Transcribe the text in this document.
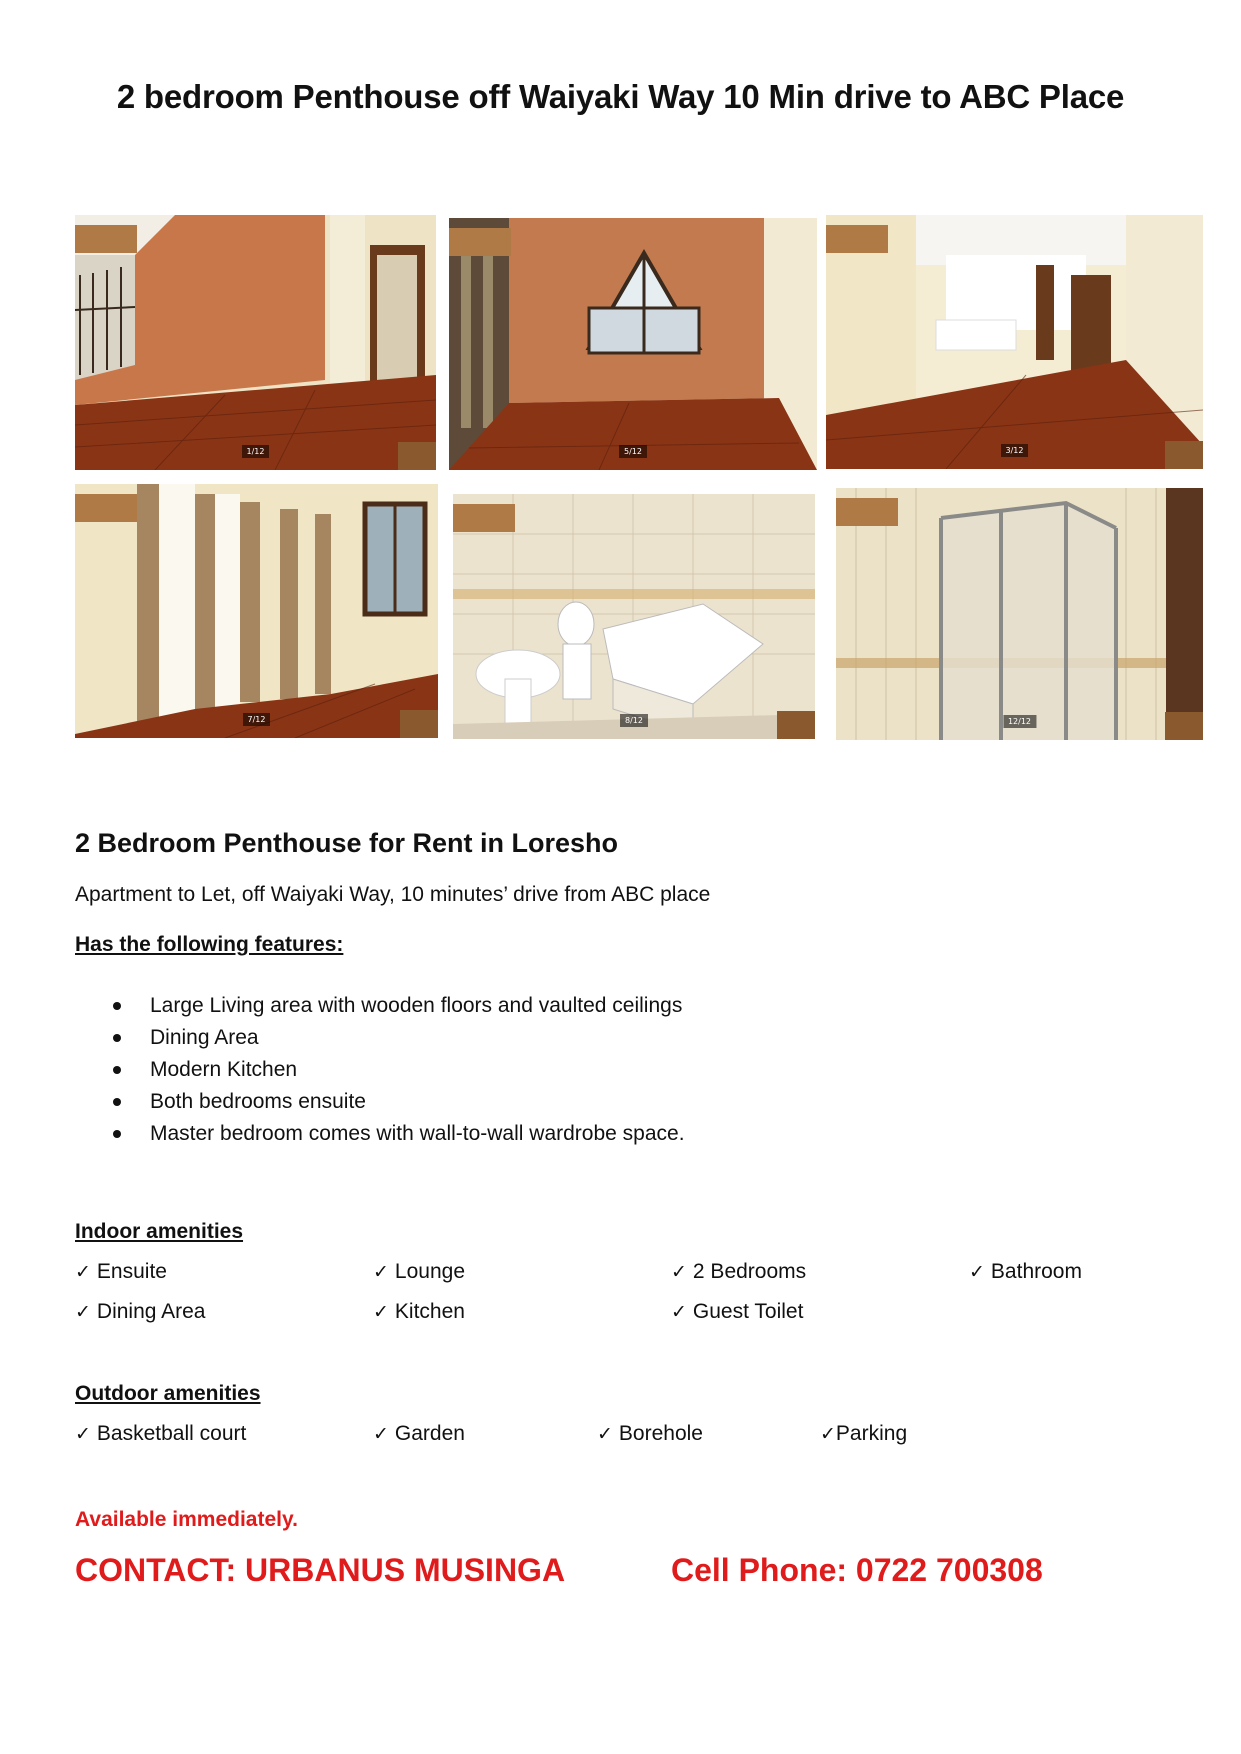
2 bedroom Penthouse off Waiyaki Way 10 Min drive to ABC Place
1/12	5/12	3/12
7/12	8/12	12/12
2 Bedroom Penthouse for Rent in Loresho
Apartment to Let, off Waiyaki Way, 10 minutes’ drive from ABC place
Has the following features:
Large Living area with wooden floors and vaulted ceilings
Dining Area
Modern Kitchen
Both bedrooms ensuite
Master bedroom comes with wall-to-wall wardrobe space.
Indoor amenities
✓ Ensuite	✓ Lounge	✓ 2 Bedrooms	✓ Bathroom
✓ Dining Area	✓ Kitchen	✓ Guest Toilet
Outdoor amenities
✓ Basketball court	✓ Garden	✓ Borehole	✓Parking
Available immediately.
CONTACT: URBANUS MUSINGA	Cell Phone: 0722 700308
